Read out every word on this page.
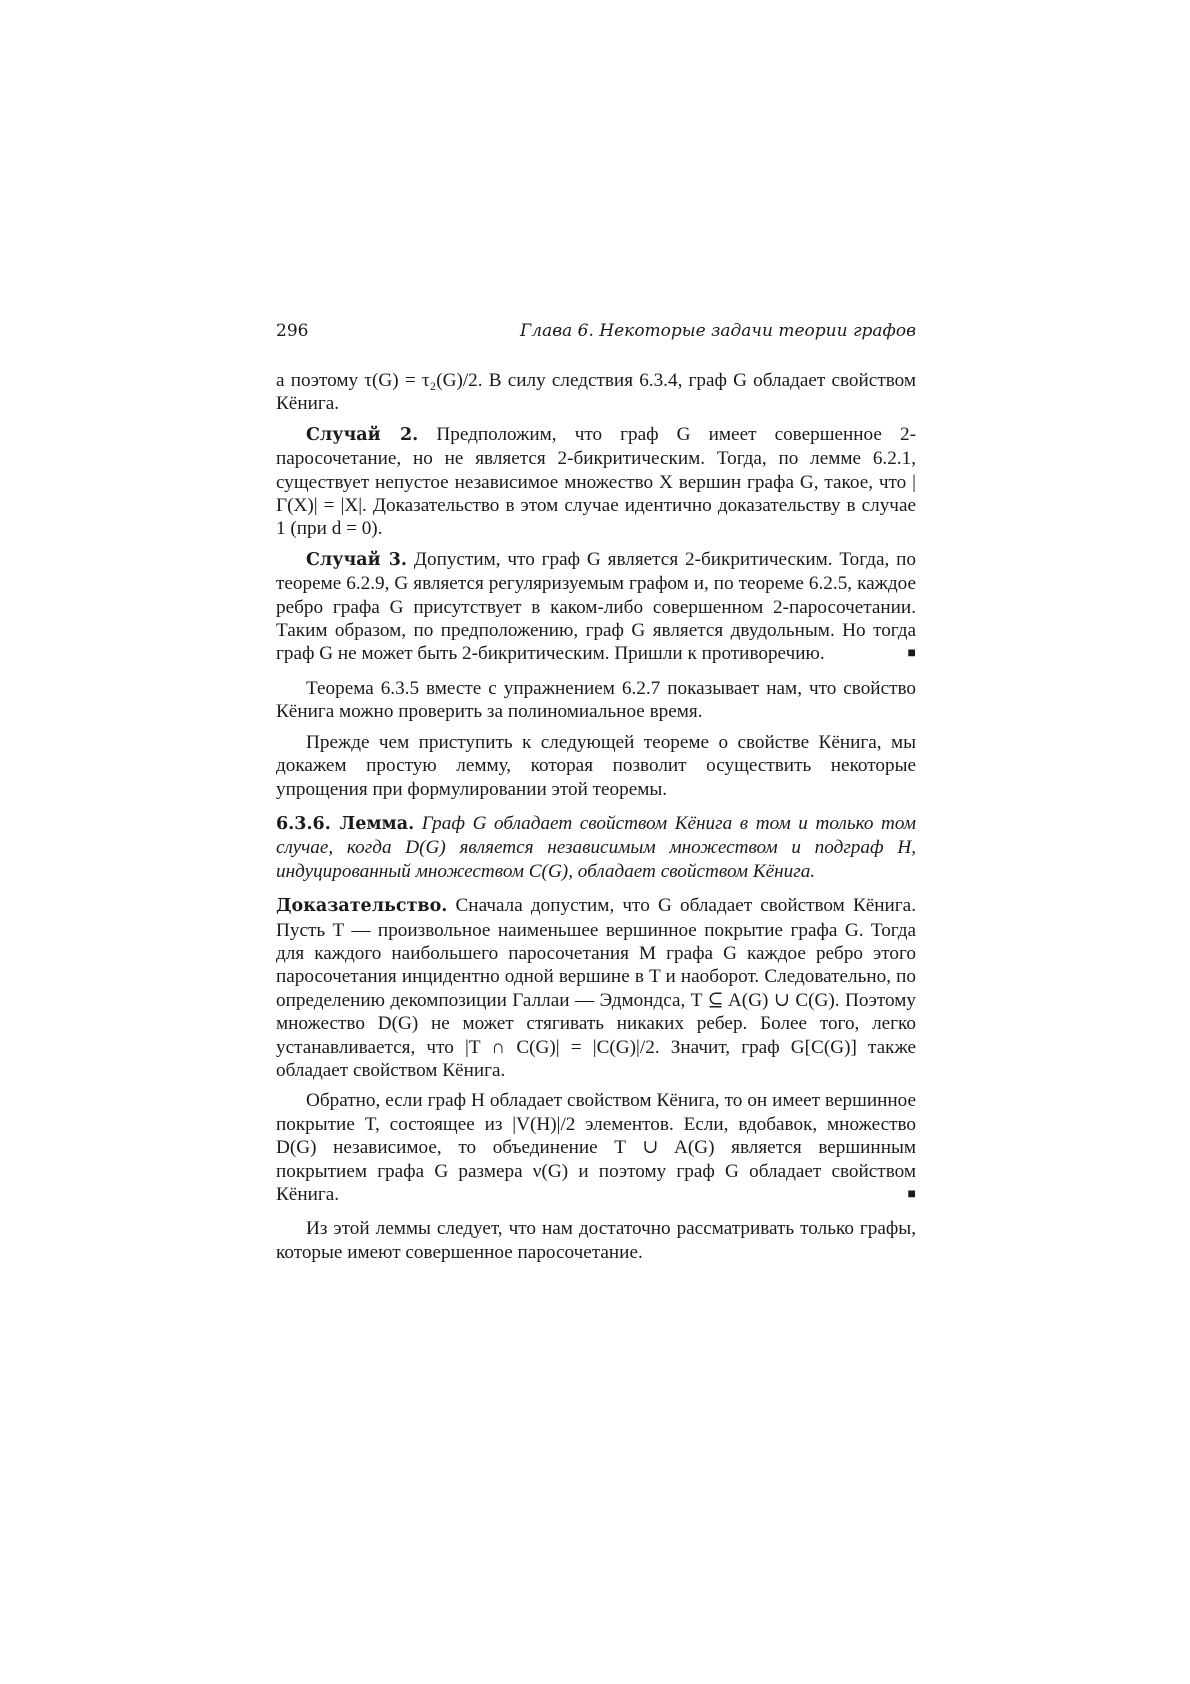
296	Глава 6. Некоторые задачи теории графов

а поэтому τ(G) = τ₂(G)/2. В силу следствия 6.3.4, граф G обладает свойством Кёнига.

Случай 2. Предположим, что граф G имеет совершенное 2-паросочетание, но не является 2-бикритическим. Тогда, по лемме 6.2.1, существует непустое независимое множество X вершин графа G, такое, что |Γ(X)| = |X|. Доказательство в этом случае идентично доказательству в случае 1 (при d = 0).

Случай 3. Допустим, что граф G является 2-бикритическим. Тогда, по теореме 6.2.9, G является регуляризуемым графом и, по теореме 6.2.5, каждое ребро графа G присутствует в каком-либо совершенном 2-паросочетании. Таким образом, по предположению, граф G является двудольным. Но тогда граф G не может быть 2-бикритическим. Пришли к противоречию.	■

Теорема 6.3.5 вместе с упражнением 6.2.7 показывает нам, что свойство Кёнига можно проверить за полиномиальное время.

Прежде чем приступить к следующей теореме о свойстве Кёнига, мы докажем простую лемму, которая позволит осуществить некоторые упрощения при формулировании этой теоремы.

6.3.6. Лемма. Граф G обладает свойством Кёнига в том и только том случае, когда D(G) является независимым множеством и подграф H, индуцированный множеством C(G), обладает свойством Кёнига.

Доказательство. Сначала допустим, что G обладает свойством Кёнига. Пусть T — произвольное наименьшее вершинное покрытие графа G. Тогда для каждого наибольшего паросочетания M графа G каждое ребро этого паросочетания инцидентно одной вершине в T и наоборот. Следовательно, по определению декомпозиции Галлаи — Эдмондса, T ⊆ A(G) ∪ C(G). Поэтому множество D(G) не может стягивать никаких ребер. Более того, легко устанавливается, что |T ∩ C(G)| = |C(G)|/2. Значит, граф G[C(G)] также обладает свойством Кёнига.

Обратно, если граф H обладает свойством Кёнига, то он имеет вершинное покрытие T, состоящее из |V(H)|/2 элементов. Если, вдобавок, множество D(G) независимое, то объединение T ∪ A(G) является вершинным покрытием графа G размера ν(G) и поэтому граф G обладает свойством Кёнига.	■

Из этой леммы следует, что нам достаточно рассматривать только графы, которые имеют совершенное паросочетание.
